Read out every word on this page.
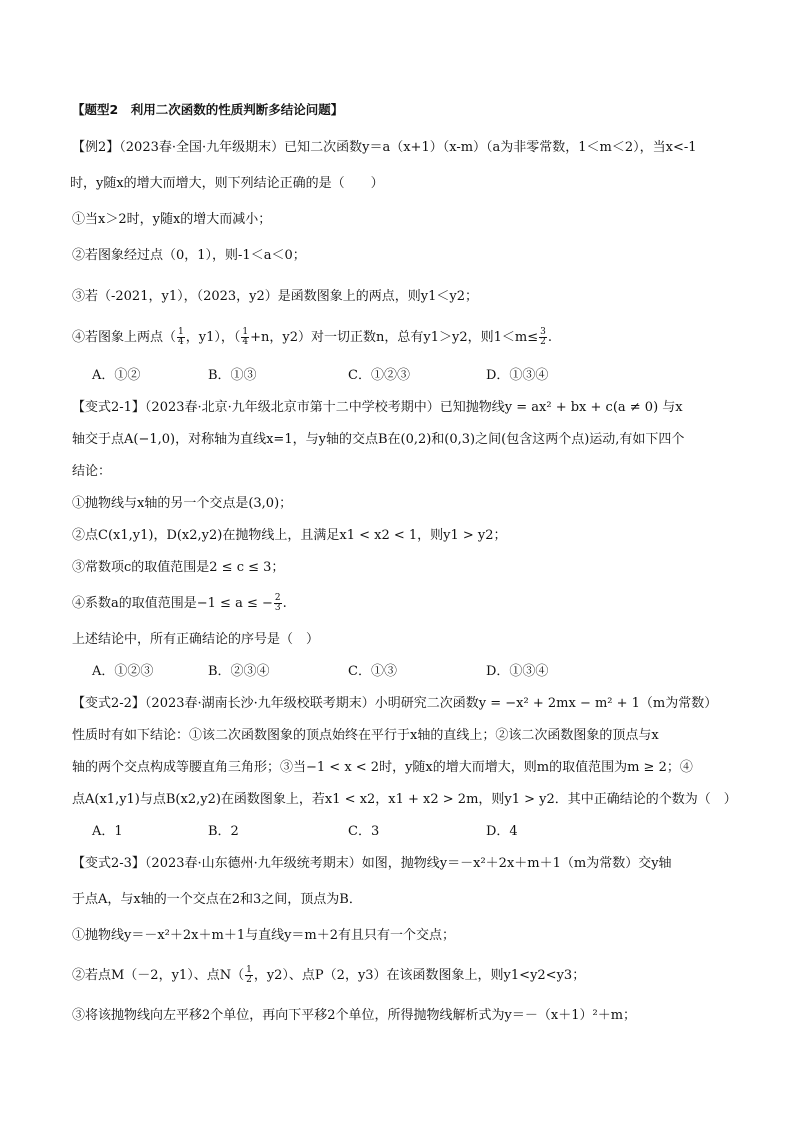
【题型2　利用二次函数的性质判断多结论问题】
【例2】（2023春·全国·九年级期末）已知二次函数y＝a（x+1）（x-m）（a为非零常数，1＜m＜2），当x<-1
时，y随x的增大而增大，则下列结论正确的是（　　）
①当x＞2时，y随x的增大而减小；
②若图象经过点（0，1），则-1＜a＜0；
③若（-2021，y1），（2023，y2）是函数图象上的两点，则y1＜y2；
④若图象上两点（ $\frac{1}{4}$ ，y1），（ $\frac{1}{4} +n$，y2）对一切正数n，总有y1＞y2，则$1<m\le \frac{3}{2}$ .
A．①②	B．①③	C．①②③	D．①③④
【变式2-1】（2023春·北京·九年级北京市第十二中学校考期中）已知抛物线y = ax² + bx + c(a ≠ 0) 与x
轴交于点A(−1,0)，对称轴为直线x=1，与y轴的交点B在(0,2)和(0,3)之间(包含这两个点)运动,有如下四个
结论：
①抛物线与x轴的另一个交点是(3,0)；
②点C(x1,y1)，D(x2,y2)在抛物线上，且满足x1 < x2 < 1，则y1 > y2；
③常数项c的取值范围是2 ≤ c ≤ 3；
④系数a的取值范围是−1 ≤ a ≤ − $\frac{2}{3}$ .
上述结论中，所有正确结论的序号是（　）
A．①②③	B．②③④	C．①③	D．①③④
【变式2-2】（2023春·湖南长沙·九年级校联考期末）小明研究二次函数y = −x² + 2mx − m² + 1（m为常数）
性质时有如下结论：①该二次函数图象的顶点始终在平行于x轴的直线上；②该二次函数图象的顶点与x
轴的两个交点构成等腰直角三角形；③当−1 < x < 2时，y随x的增大而增大，则m的取值范围为m ≥ 2；④
点A(x1,y1)与点B(x2,y2)在函数图象上，若x1 < x2，x1 + x2 > 2m，则y1 > y2．其中正确结论的个数为（　）
A．1	B．2	C．3	D．4
【变式2-3】（2023春·山东德州·九年级统考期末）如图，抛物线y＝－x²＋2x＋m＋1（m为常数）交y轴
于点A，与x轴的一个交点在2和3之间，顶点为B．
①抛物线y＝－x²＋2x＋m＋1与直线y＝m＋2有且只有一个交点；
②若点M（－2，y1）、点$N( \frac{1}{2}$ ，y2）、点P（2，y3）在该函数图象上，则y1<y2<y3；
③将该抛物线向左平移2个单位，再向下平移2个单位，所得抛物线解析式为y＝－（x＋1）²＋m；
